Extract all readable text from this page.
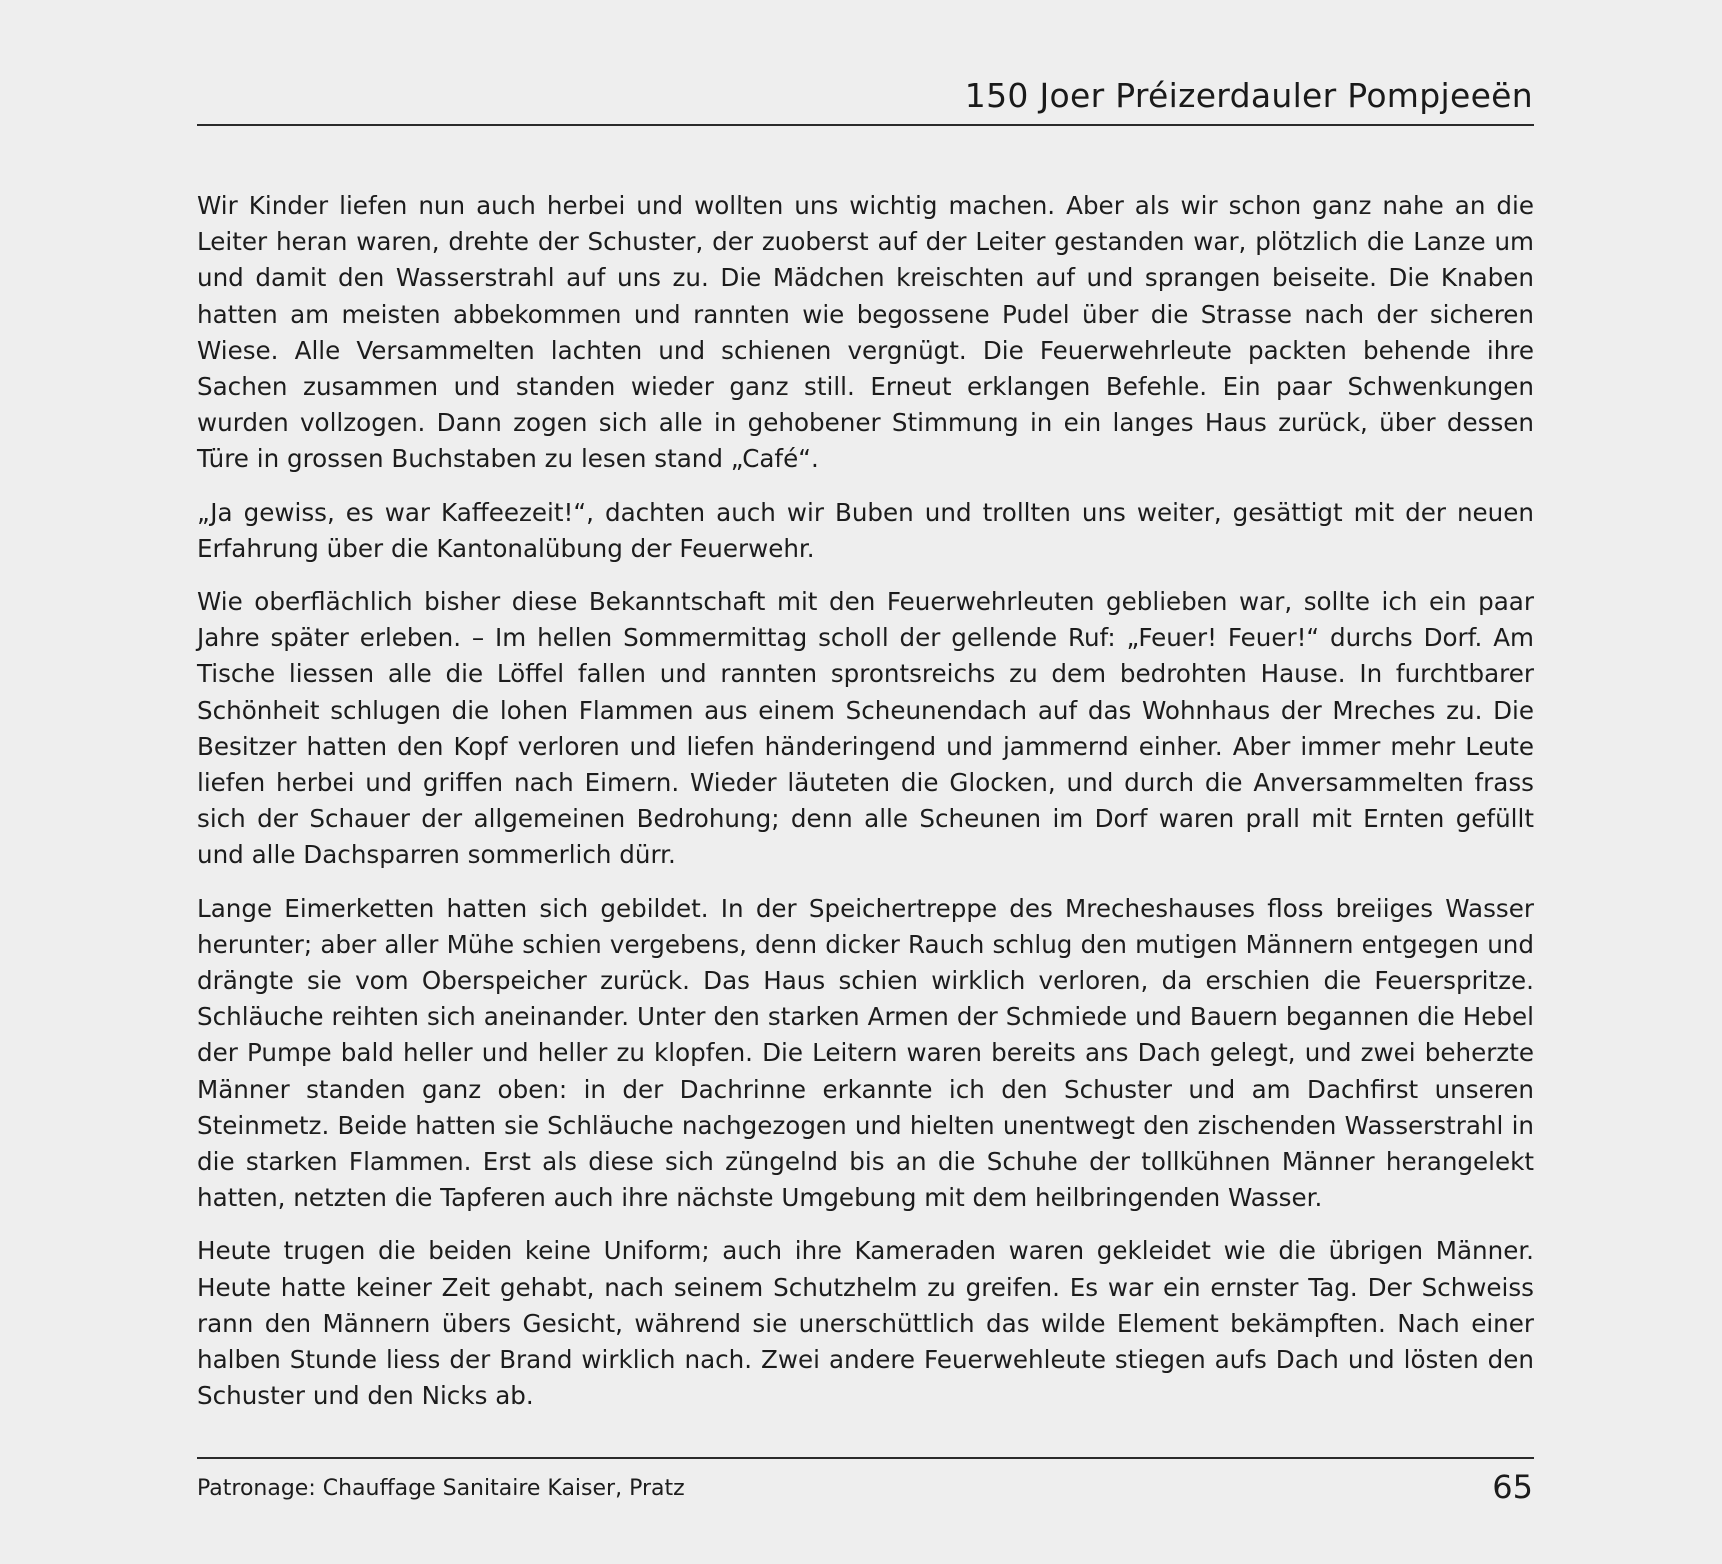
150 Joer Préizerdauler Pompjeeën

Wir Kinder liefen nun auch herbei und wollten uns wichtig machen. Aber als wir schon ganz nahe an die Leiter heran waren, drehte der Schuster, der zuoberst auf der Leiter gestanden war, plötzlich die Lanze um und damit den Wasserstrahl auf uns zu. Die Mädchen kreischten auf und sprangen beiseite. Die Knaben hatten am meisten abbekommen und rannten wie begossene Pudel über die Strasse nach der sicheren Wiese. Alle Versammelten lachten und schienen vergnügt. Die Feuerwehrleute packten behende ihre Sachen zusammen und standen wieder ganz still. Erneut erklangen Befehle. Ein paar Schwenkungen wurden vollzogen. Dann zogen sich alle in gehobener Stimmung in ein langes Haus zurück, über dessen Türe in grossen Buchstaben zu lesen stand „Café“.

„Ja gewiss, es war Kaffeezeit!“, dachten auch wir Buben und trollten uns weiter, gesättigt mit der neuen Erfahrung über die Kantonalübung der Feuerwehr.

Wie oberflächlich bisher diese Bekanntschaft mit den Feuerwehrleuten geblieben war, sollte ich ein paar Jahre später erleben. – Im hellen Sommermittag scholl der gellende Ruf: „Feuer! Feuer!“ durchs Dorf. Am Tische liessen alle die Löffel fallen und rannten sprontsreichs zu dem bedrohten Hause. In furchtbarer Schönheit schlugen die lohen Flammen aus einem Scheunendach auf das Wohnhaus der Mreches zu. Die Besitzer hatten den Kopf verloren und liefen händeringend und jammernd einher. Aber immer mehr Leute liefen herbei und griffen nach Eimern. Wieder läuteten die Glocken, und durch die Anversammelten frass sich der Schauer der allgemeinen Bedrohung; denn alle Scheunen im Dorf waren prall mit Ernten gefüllt und alle Dachsparren sommerlich dürr.

Lange Eimerketten hatten sich gebildet. In der Speichertreppe des Mrecheshauses floss breiiges Wasser herunter; aber aller Mühe schien vergebens, denn dicker Rauch schlug den mutigen Männern entgegen und drängte sie vom Oberspeicher zurück. Das Haus schien wirklich verloren, da erschien die Feuerspritze. Schläuche reihten sich aneinander. Unter den starken Armen der Schmiede und Bauern begannen die Hebel der Pumpe bald heller und heller zu klopfen. Die Leitern waren bereits ans Dach gelegt, und zwei beherzte Männer standen ganz oben: in der Dachrinne erkannte ich den Schuster und am Dachfirst unseren Steinmetz. Beide hatten sie Schläuche nachgezogen und hielten unentwegt den zischenden Wasserstrahl in die starken Flammen. Erst als diese sich züngelnd bis an die Schuhe der tollkühnen Männer herangelekt hatten, netzten die Tapferen auch ihre nächste Umgebung mit dem heilbringenden Wasser.

Heute trugen die beiden keine Uniform; auch ihre Kameraden waren gekleidet wie die übrigen Männer. Heute hatte keiner Zeit gehabt, nach seinem Schutzhelm zu greifen. Es war ein ernster Tag. Der Schweiss rann den Männern übers Gesicht, während sie unerschüttlich das wilde Element bekämpften. Nach einer halben Stunde liess der Brand wirklich nach. Zwei andere Feuerwehleute stiegen aufs Dach und lösten den Schuster und den Nicks ab.

Patronage: Chauffage Sanitaire Kaiser, Pratz	65
